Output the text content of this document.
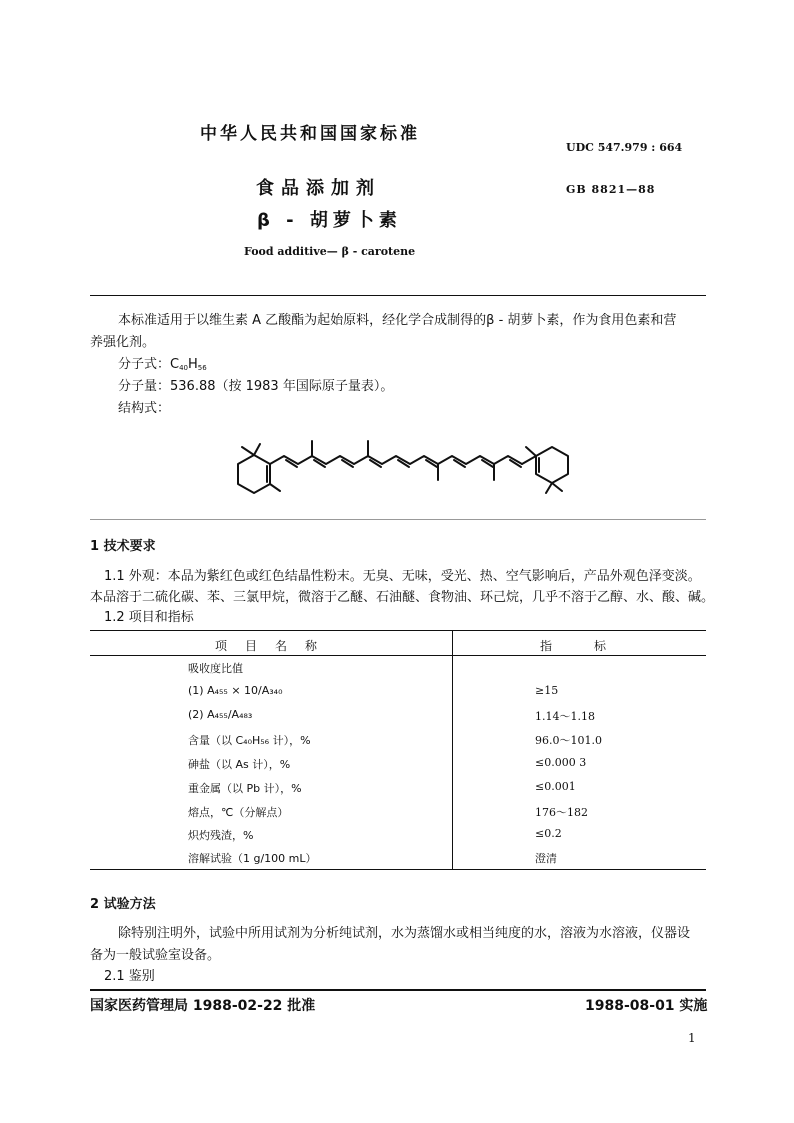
中华人民共和国国家标准
UDC 547.979 : 664
食品添加剂	GB 8821—88
β - 胡萝卜素
Food additive— β - carotene
本标准适用于以维生素 A 乙酸酯为起始原料，经化学合成制得的β - 胡萝卜素，作为食用色素和营
养强化剂。
分子式：$C_{40}H_{56}$
分子量：536.88（按 1983 年国际原子量表）。
结构式：
1 技术要求
1.1 外观：本品为紫红色或红色结晶性粉末。无臭、无味，受光、热、空气影响后，产品外观色泽变淡。
本品溶于二硫化碳、苯、三氯甲烷，微溶于乙醚、石油醚、食物油、环己烷，几乎不溶于乙醇、水、酸、碱。
1.2 项目和指标
项目名称	指标
吸收度比值
(1) A₄₅₅ × 10/A₃₄₀	≥15
(2) A₄₅₅/A₄₈₃	1.14～1.18
含量（以 C₄₀H₅₆ 计），%	96.0～101.0
砷盐（以 As 计），%	≤0.000 3
重金属（以 Pb 计），%	≤0.001
熔点，℃（分解点）	176～182
炽灼残渣，%	≤0.2
溶解试验（1 g/100 mL）	澄清
2 试验方法
除特别注明外，试验中所用试剂为分析纯试剂，水为蒸馏水或相当纯度的水，溶液为水溶液，仪器设
备为一般试验室设备。
2.1 鉴别
国家医药管理局 1988-02-22 批准	1988-08-01 实施
1
